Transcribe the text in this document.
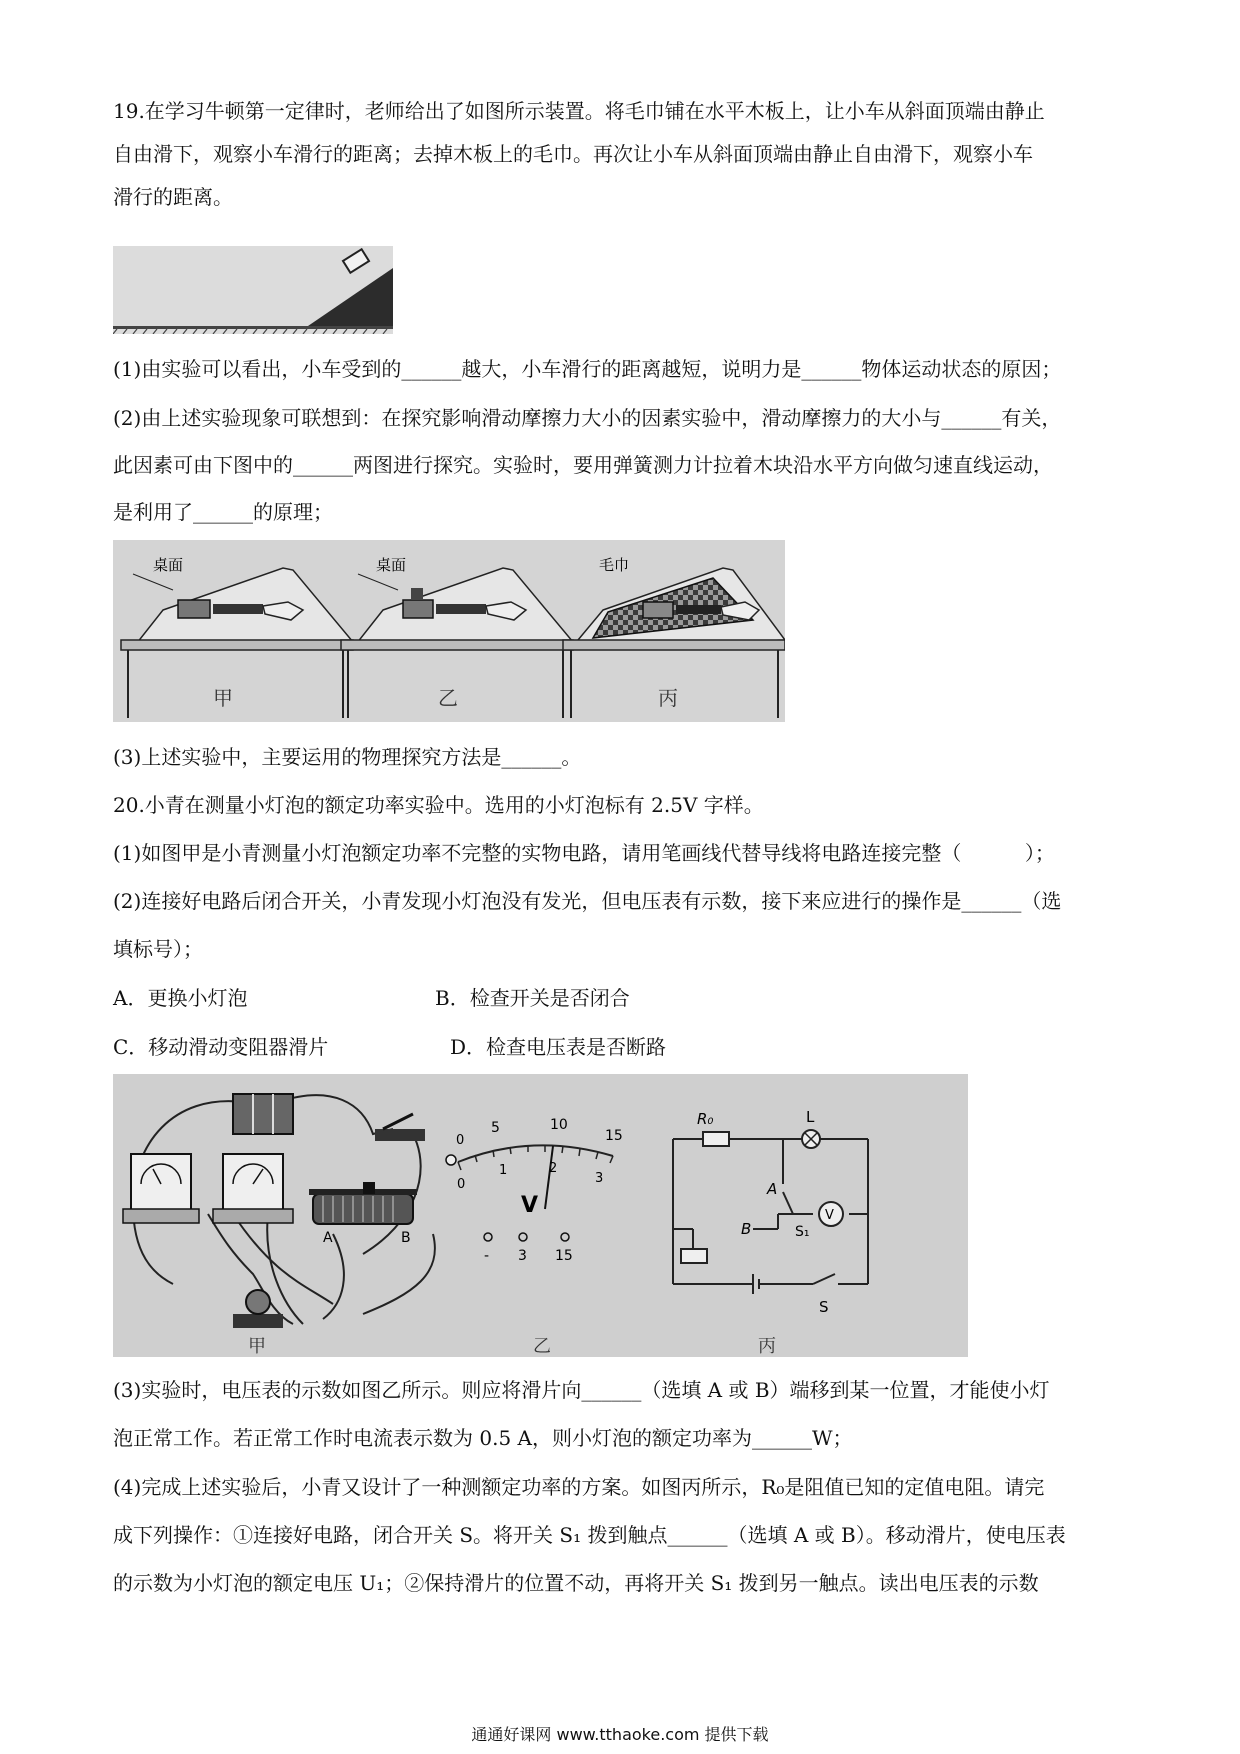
19.在学习牛顿第一定律时，老师给出了如图所示装置。将毛巾铺在水平木板上，让小车从斜面顶端由静止
自由滑下，观察小车滑行的距离；去掉木板上的毛巾。再次让小车从斜面顶端由静止自由滑下，观察小车
滑行的距离。
(1)由实验可以看出，小车受到的______越大，小车滑行的距离越短，说明力是______物体运动状态的原因；
(2)由上述实验现象可联想到：在探究影响滑动摩擦力大小的因素实验中，滑动摩擦力的大小与______有关，
此因素可由下图中的______两图进行探究。实验时，要用弹簧测力计拉着木块沿水平方向做匀速直线运动，
是利用了______的原理；
桌面
甲
桌面
乙
毛巾
丙
(3)上述实验中，主要运用的物理探究方法是______。
20.小青在测量小灯泡的额定功率实验中。选用的小灯泡标有 2.5V 字样。
(1)如图甲是小青测量小灯泡额定功率不完整的实物电路，请用笔画线代替导线将电路连接完整（          ）；
(2)连接好电路后闭合开关，小青发现小灯泡没有发光，但电压表有示数，接下来应进行的操作是______（选
填标号）；
A．更换小灯泡	B．检查开关是否闭合
C．移动滑动变阻器滑片	D．检查电压表是否断路
A	B
甲
0
5	10
15
0
1	2
3
V
- 3 15
乙
R₀	L
A
B	S₁
V
S
丙
(3)实验时，电压表的示数如图乙所示。则应将滑片向______（选填 A 或 B）端移到某一位置，才能使小灯
泡正常工作。若正常工作时电流表示数为 0.5 A，则小灯泡的额定功率为______W；
(4)完成上述实验后，小青又设计了一种测额定功率的方案。如图丙所示，R₀是阻值已知的定值电阻。请完
成下列操作：①连接好电路，闭合开关 S。将开关 S₁ 拨到触点______（选填 A 或 B）。移动滑片，使电压表
的示数为小灯泡的额定电压 U₁；②保持滑片的位置不动，再将开关 S₁ 拨到另一触点。读出电压表的示数
通通好课网 www.tthaoke.com 提供下载
